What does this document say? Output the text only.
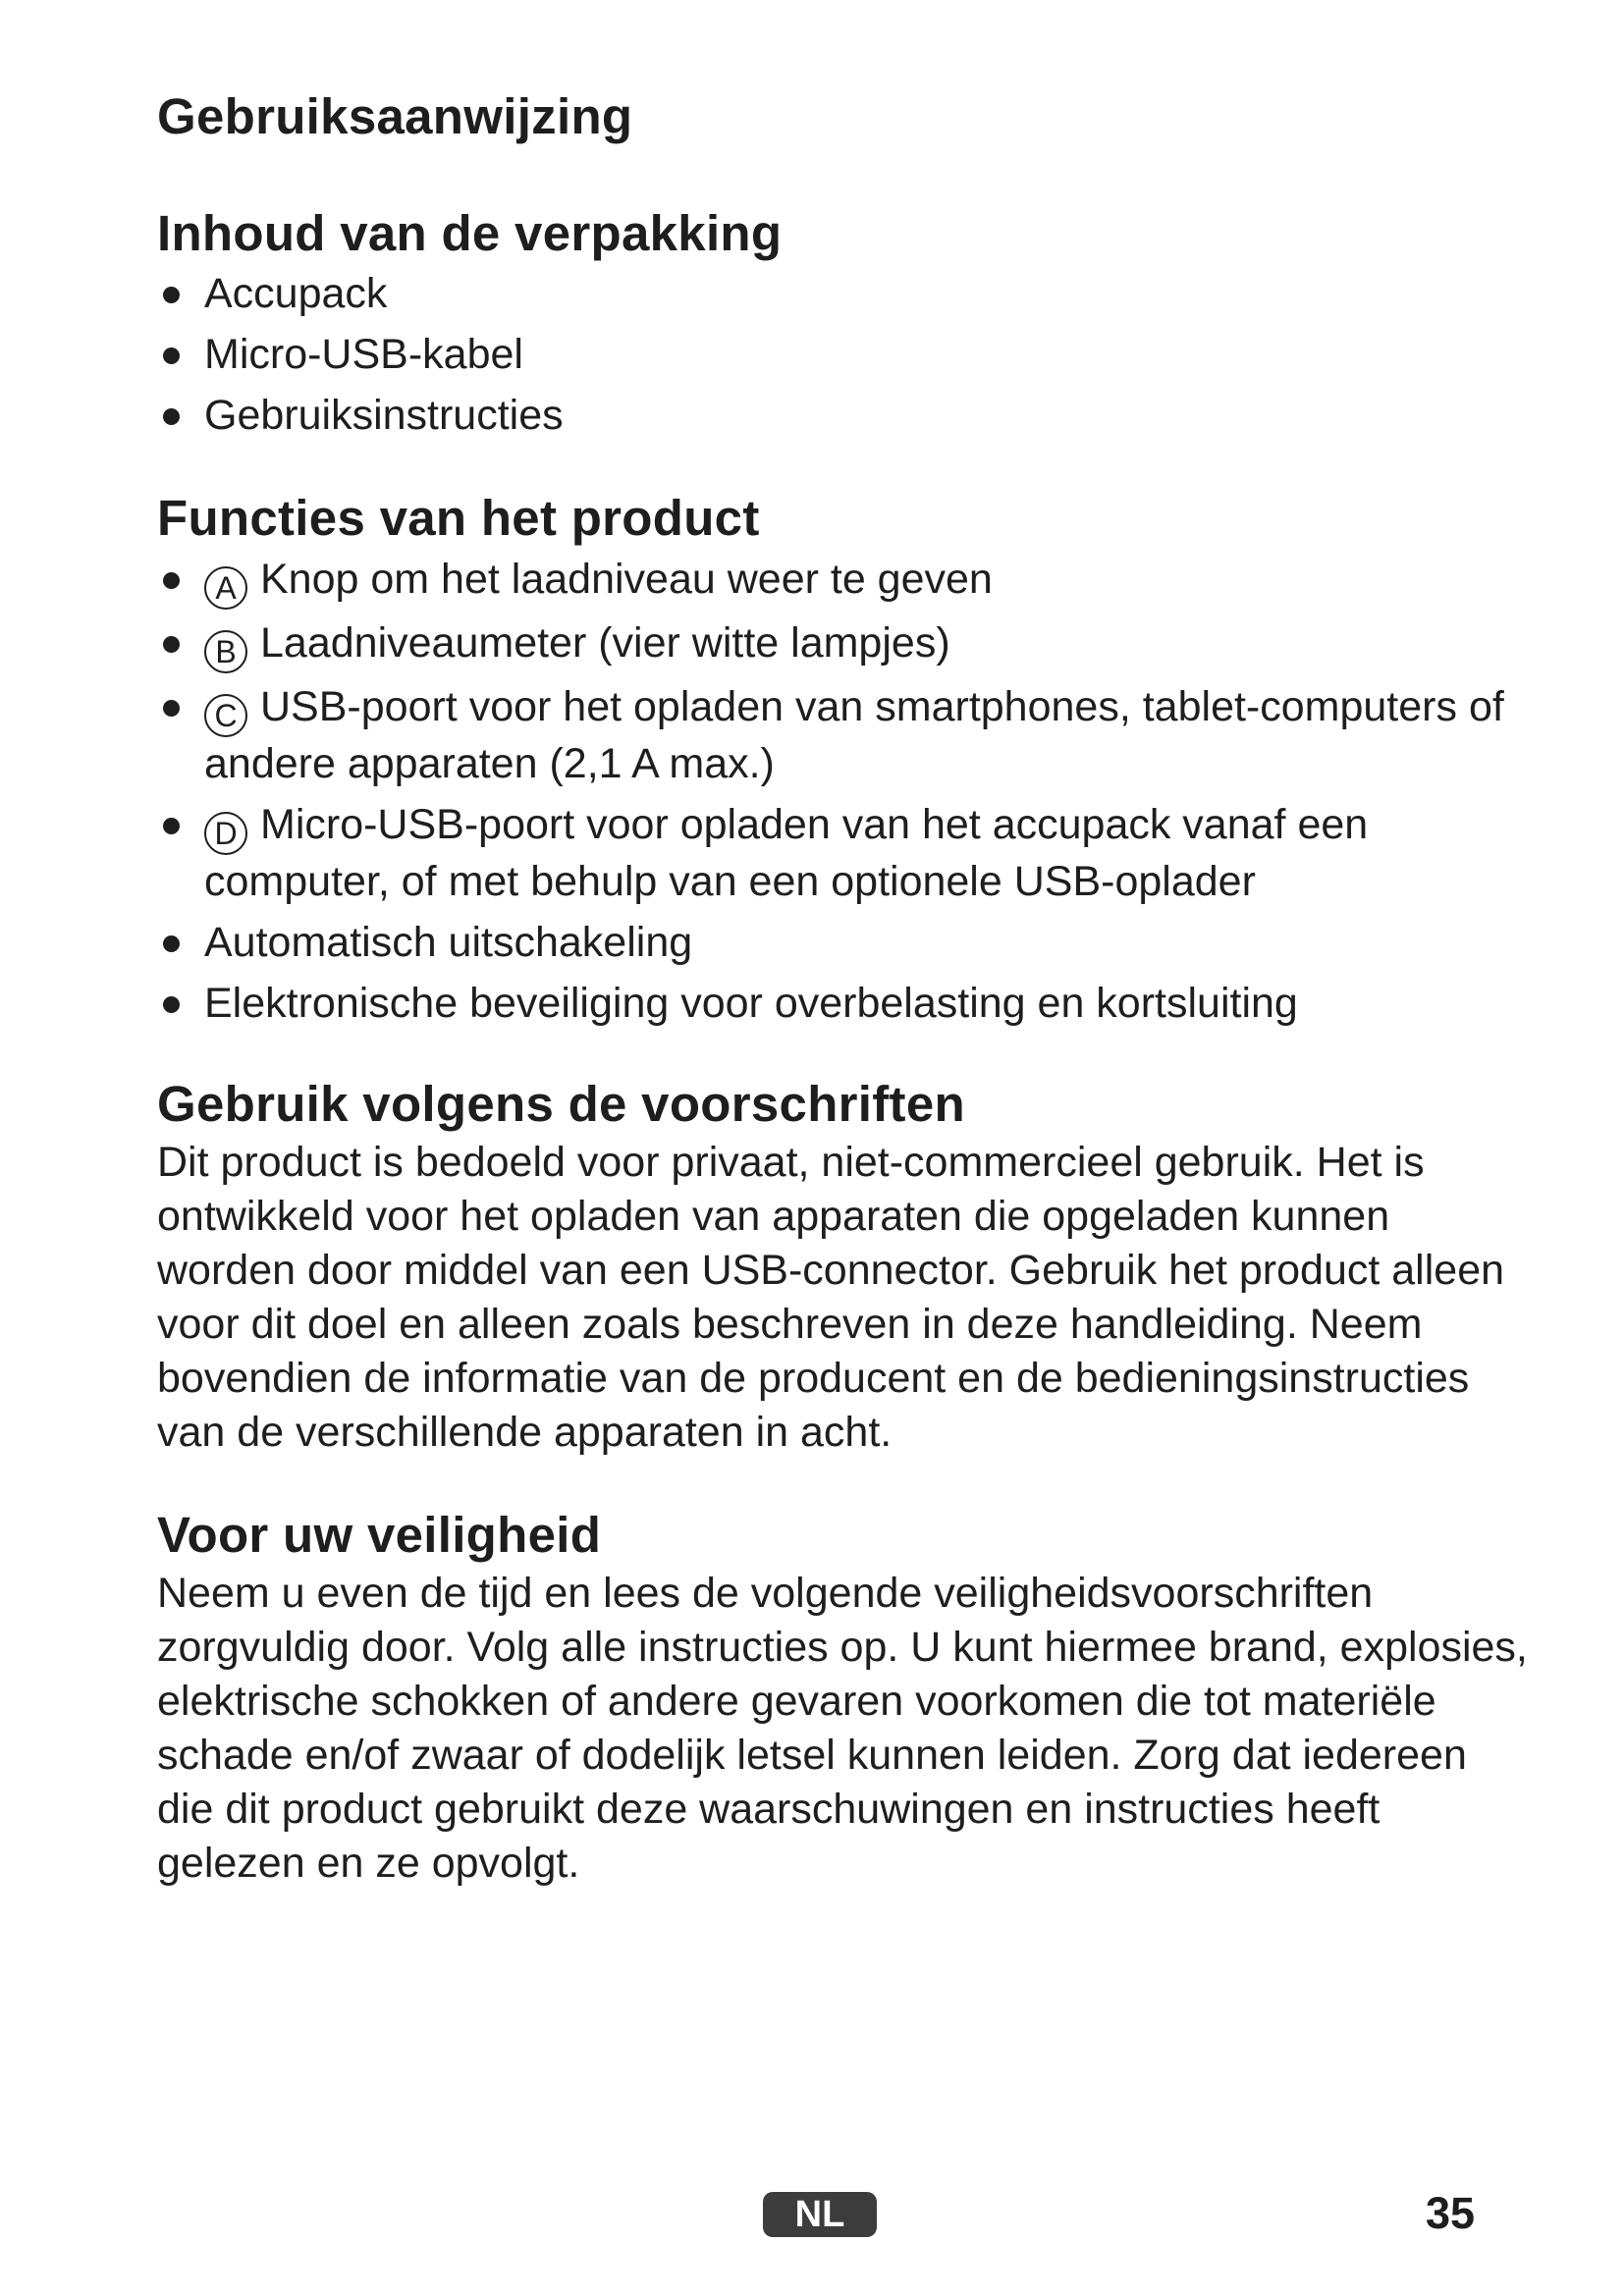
Gebruiksaanwijzing
Inhoud van de verpakking
Accupack
Micro-USB-kabel
Gebruiksinstructies
Functies van het product
A Knop om het laadniveau weer te geven
B Laadniveaumeter (vier witte lampjes)
C USB-poort voor het opladen van smartphones, tablet-computers of andere apparaten (2,1 A max.)
D Micro-USB-poort voor opladen van het accupack vanaf een computer, of met behulp van een optionele USB-oplader
Automatisch uitschakeling
Elektronische beveiliging voor overbelasting en kortsluiting
Gebruik volgens de voorschriften

Dit product is bedoeld voor privaat, niet-commercieel gebruik. Het is ontwikkeld voor het opladen van apparaten die opgeladen kunnen worden door middel van een USB-connector. Gebruik het product alleen voor dit doel en alleen zoals beschreven in deze handleiding. Neem bovendien de informatie van de producent en de bedieningsinstructies van de verschillende apparaten in acht.

Voor uw veiligheid

Neem u even de tijd en lees de volgende veiligheidsvoorschriften zorgvuldig door. Volg alle instructies op. U kunt hiermee brand, explosies, elektrische schokken of andere gevaren voorkomen die tot materiële schade en/of zwaar of dodelijk letsel kunnen leiden. Zorg dat iedereen die dit product gebruikt deze waarschuwingen en instructies heeft gelezen en ze opvolgt.

NL	35
